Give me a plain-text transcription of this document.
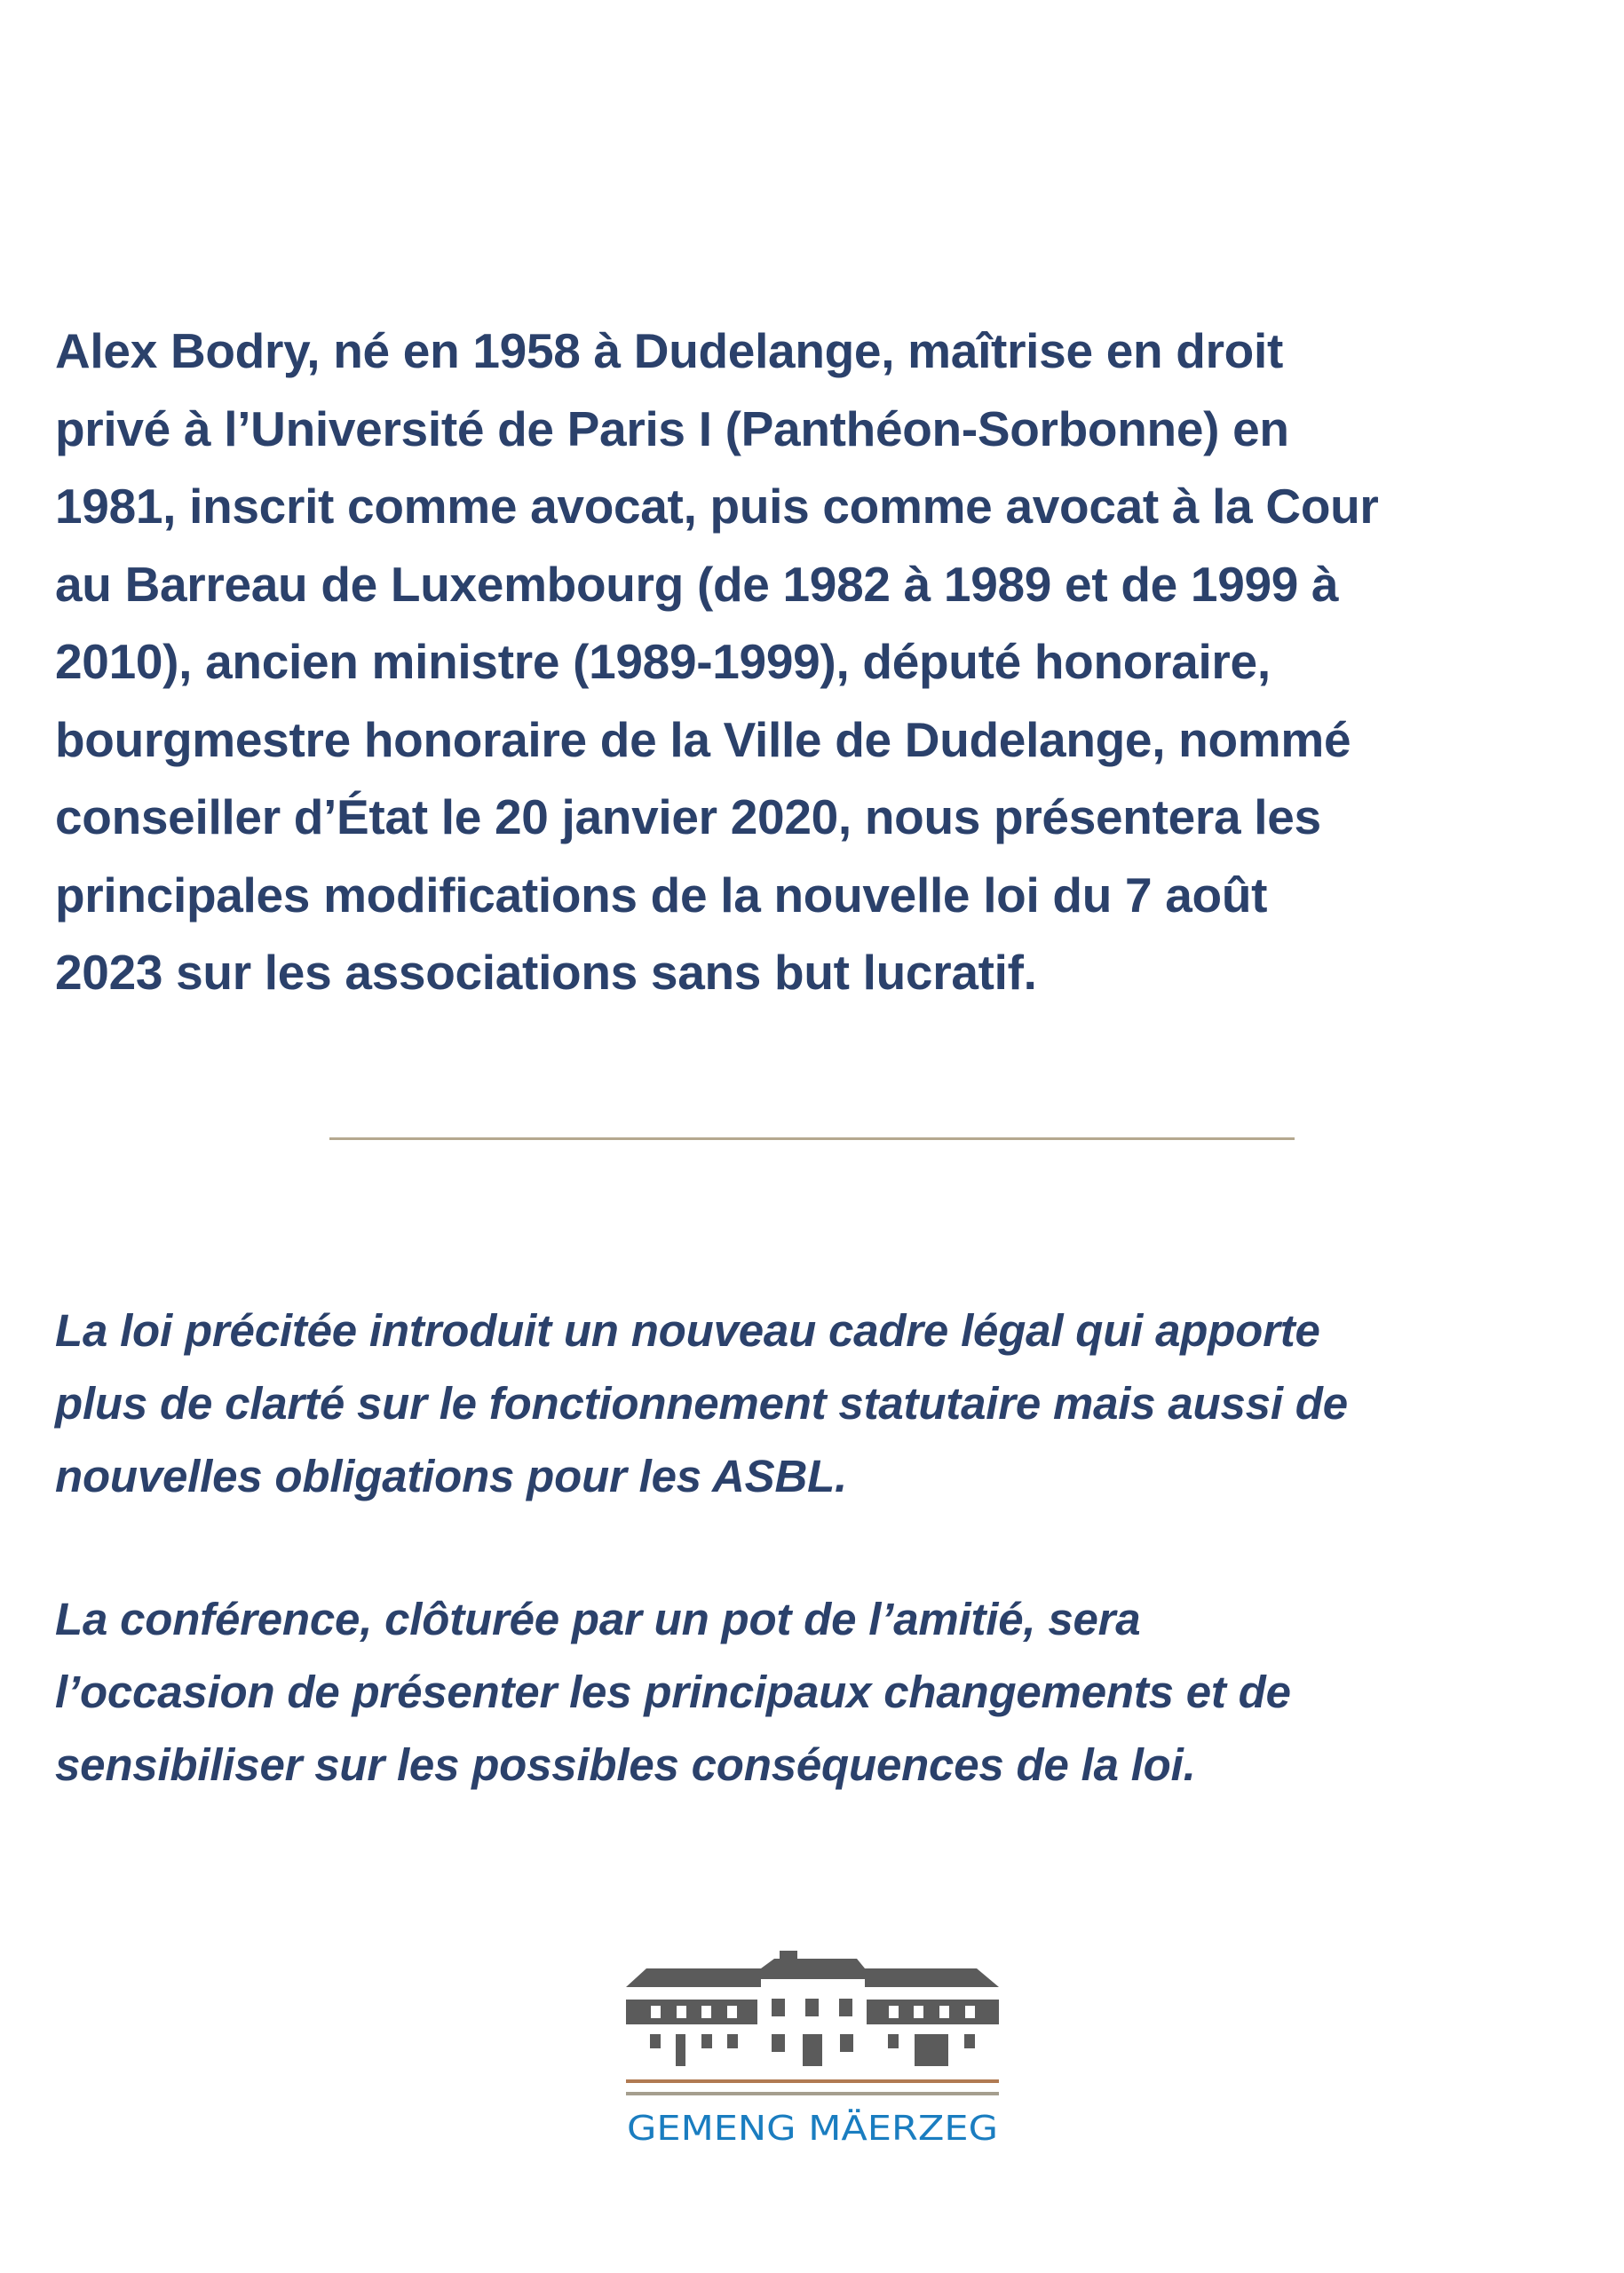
Alex Bodry, né en 1958 à Dudelange, maîtrise en droit
privé à l’Université de Paris I (Panthéon-Sorbonne) en
1981, inscrit comme avocat, puis comme avocat à la Cour
au Barreau de Luxembourg (de 1982 à 1989 et de 1999 à
2010), ancien ministre (1989-1999), député honoraire,
bourgmestre honoraire de la Ville de Dudelange, nommé
conseiller d’État le 20 janvier 2020, nous présentera les
principales modifications de la nouvelle loi du 7 août
2023 sur les associations sans but lucratif.
La loi précitée introduit un nouveau cadre légal qui apporte
plus de clarté sur le fonctionnement statutaire mais aussi de
nouvelles obligations pour les ASBL.
La conférence, clôturée par un pot de l’amitié, sera
l’occasion de présenter les principaux changements et de
sensibiliser sur les possibles conséquences de la loi.
GEMENG MÄERZEG
